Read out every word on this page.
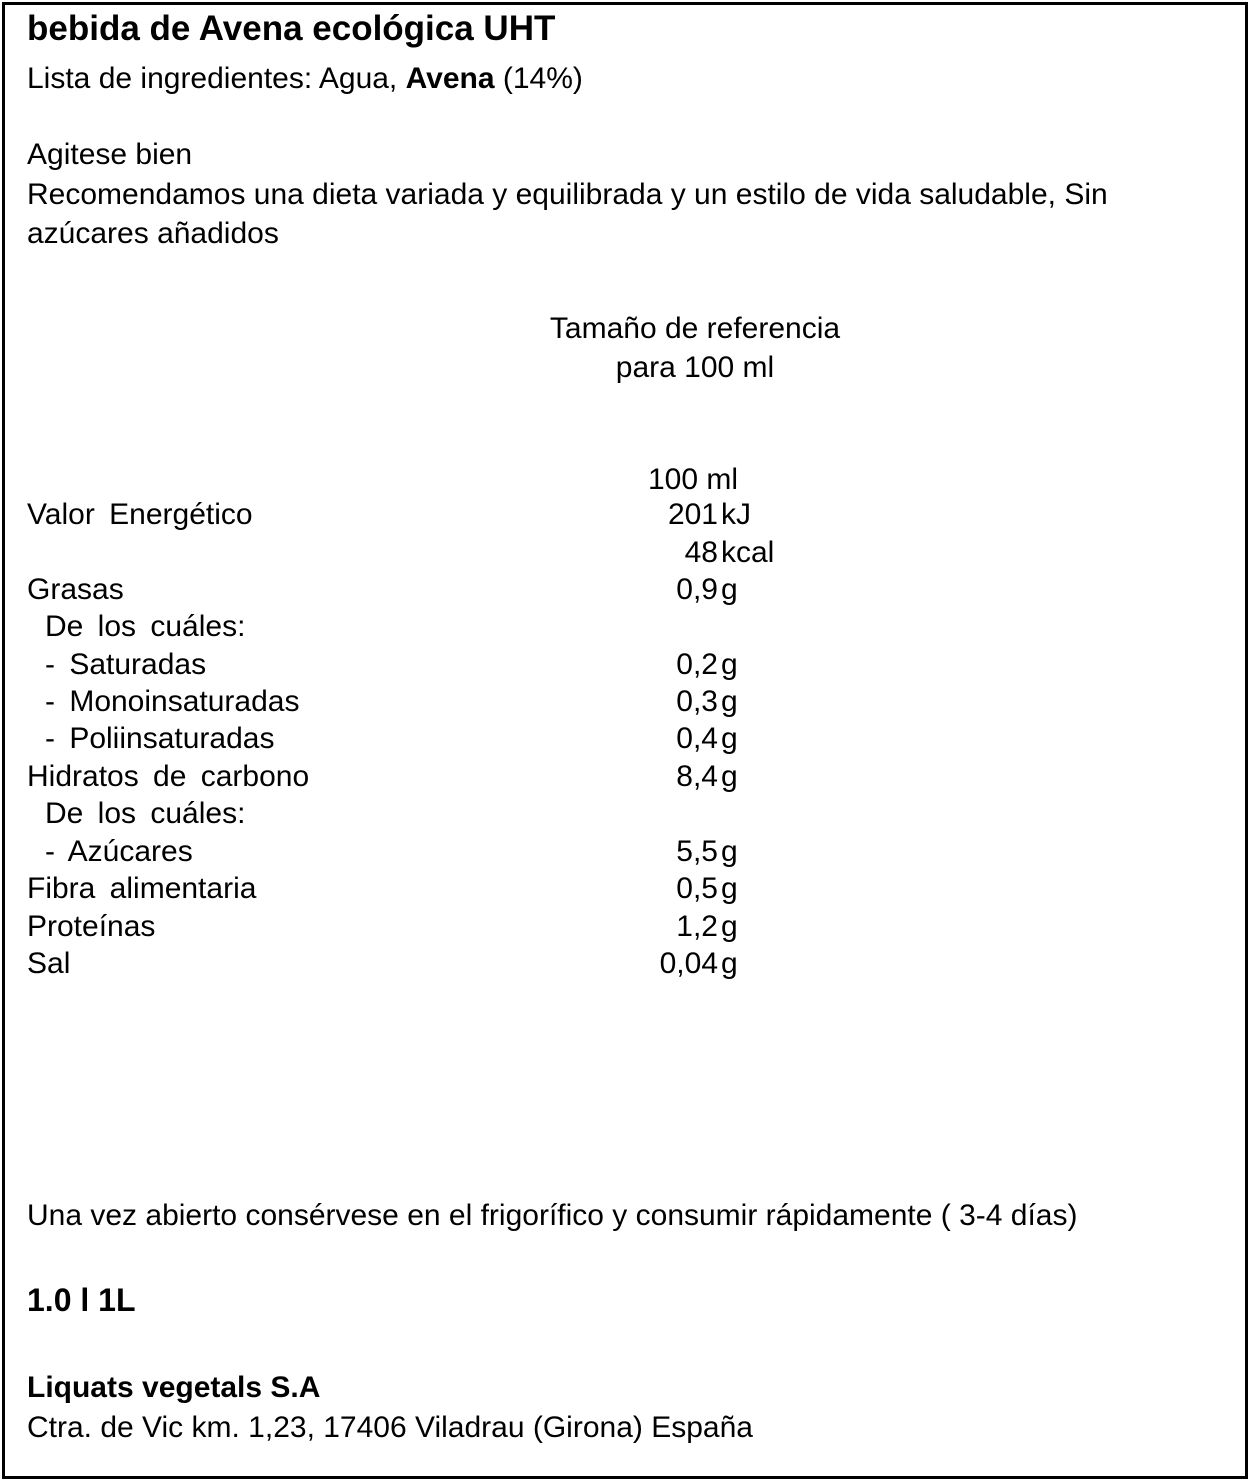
bebida de Avena ecológica UHT
Lista de ingredientes: Agua, Avena (14%)
Agitese bien
Recomendamos una dieta variada y equilibrada y un estilo de vida saludable, Sin
azúcares añadidos
Tamaño de referencia
para 100 ml
100 ml
Valor Energético	201 kJ
48 kcal
Grasas	0,9 g
De los cuáles:
- Saturadas	0,2 g
- Monoinsaturadas	0,3 g
- Poliinsaturadas	0,4 g
Hidratos de carbono	8,4 g
De los cuáles:
- Azúcares	5,5 g
Fibra alimentaria	0,5 g
Proteínas	1,2 g
Sal	0,04 g
Una vez abierto consérvese en el frigorífico y consumir rápidamente ( 3-4 días)
1.0 l 1L
Liquats vegetals S.A
Ctra. de Vic km. 1,23, 17406 Viladrau (Girona) España
